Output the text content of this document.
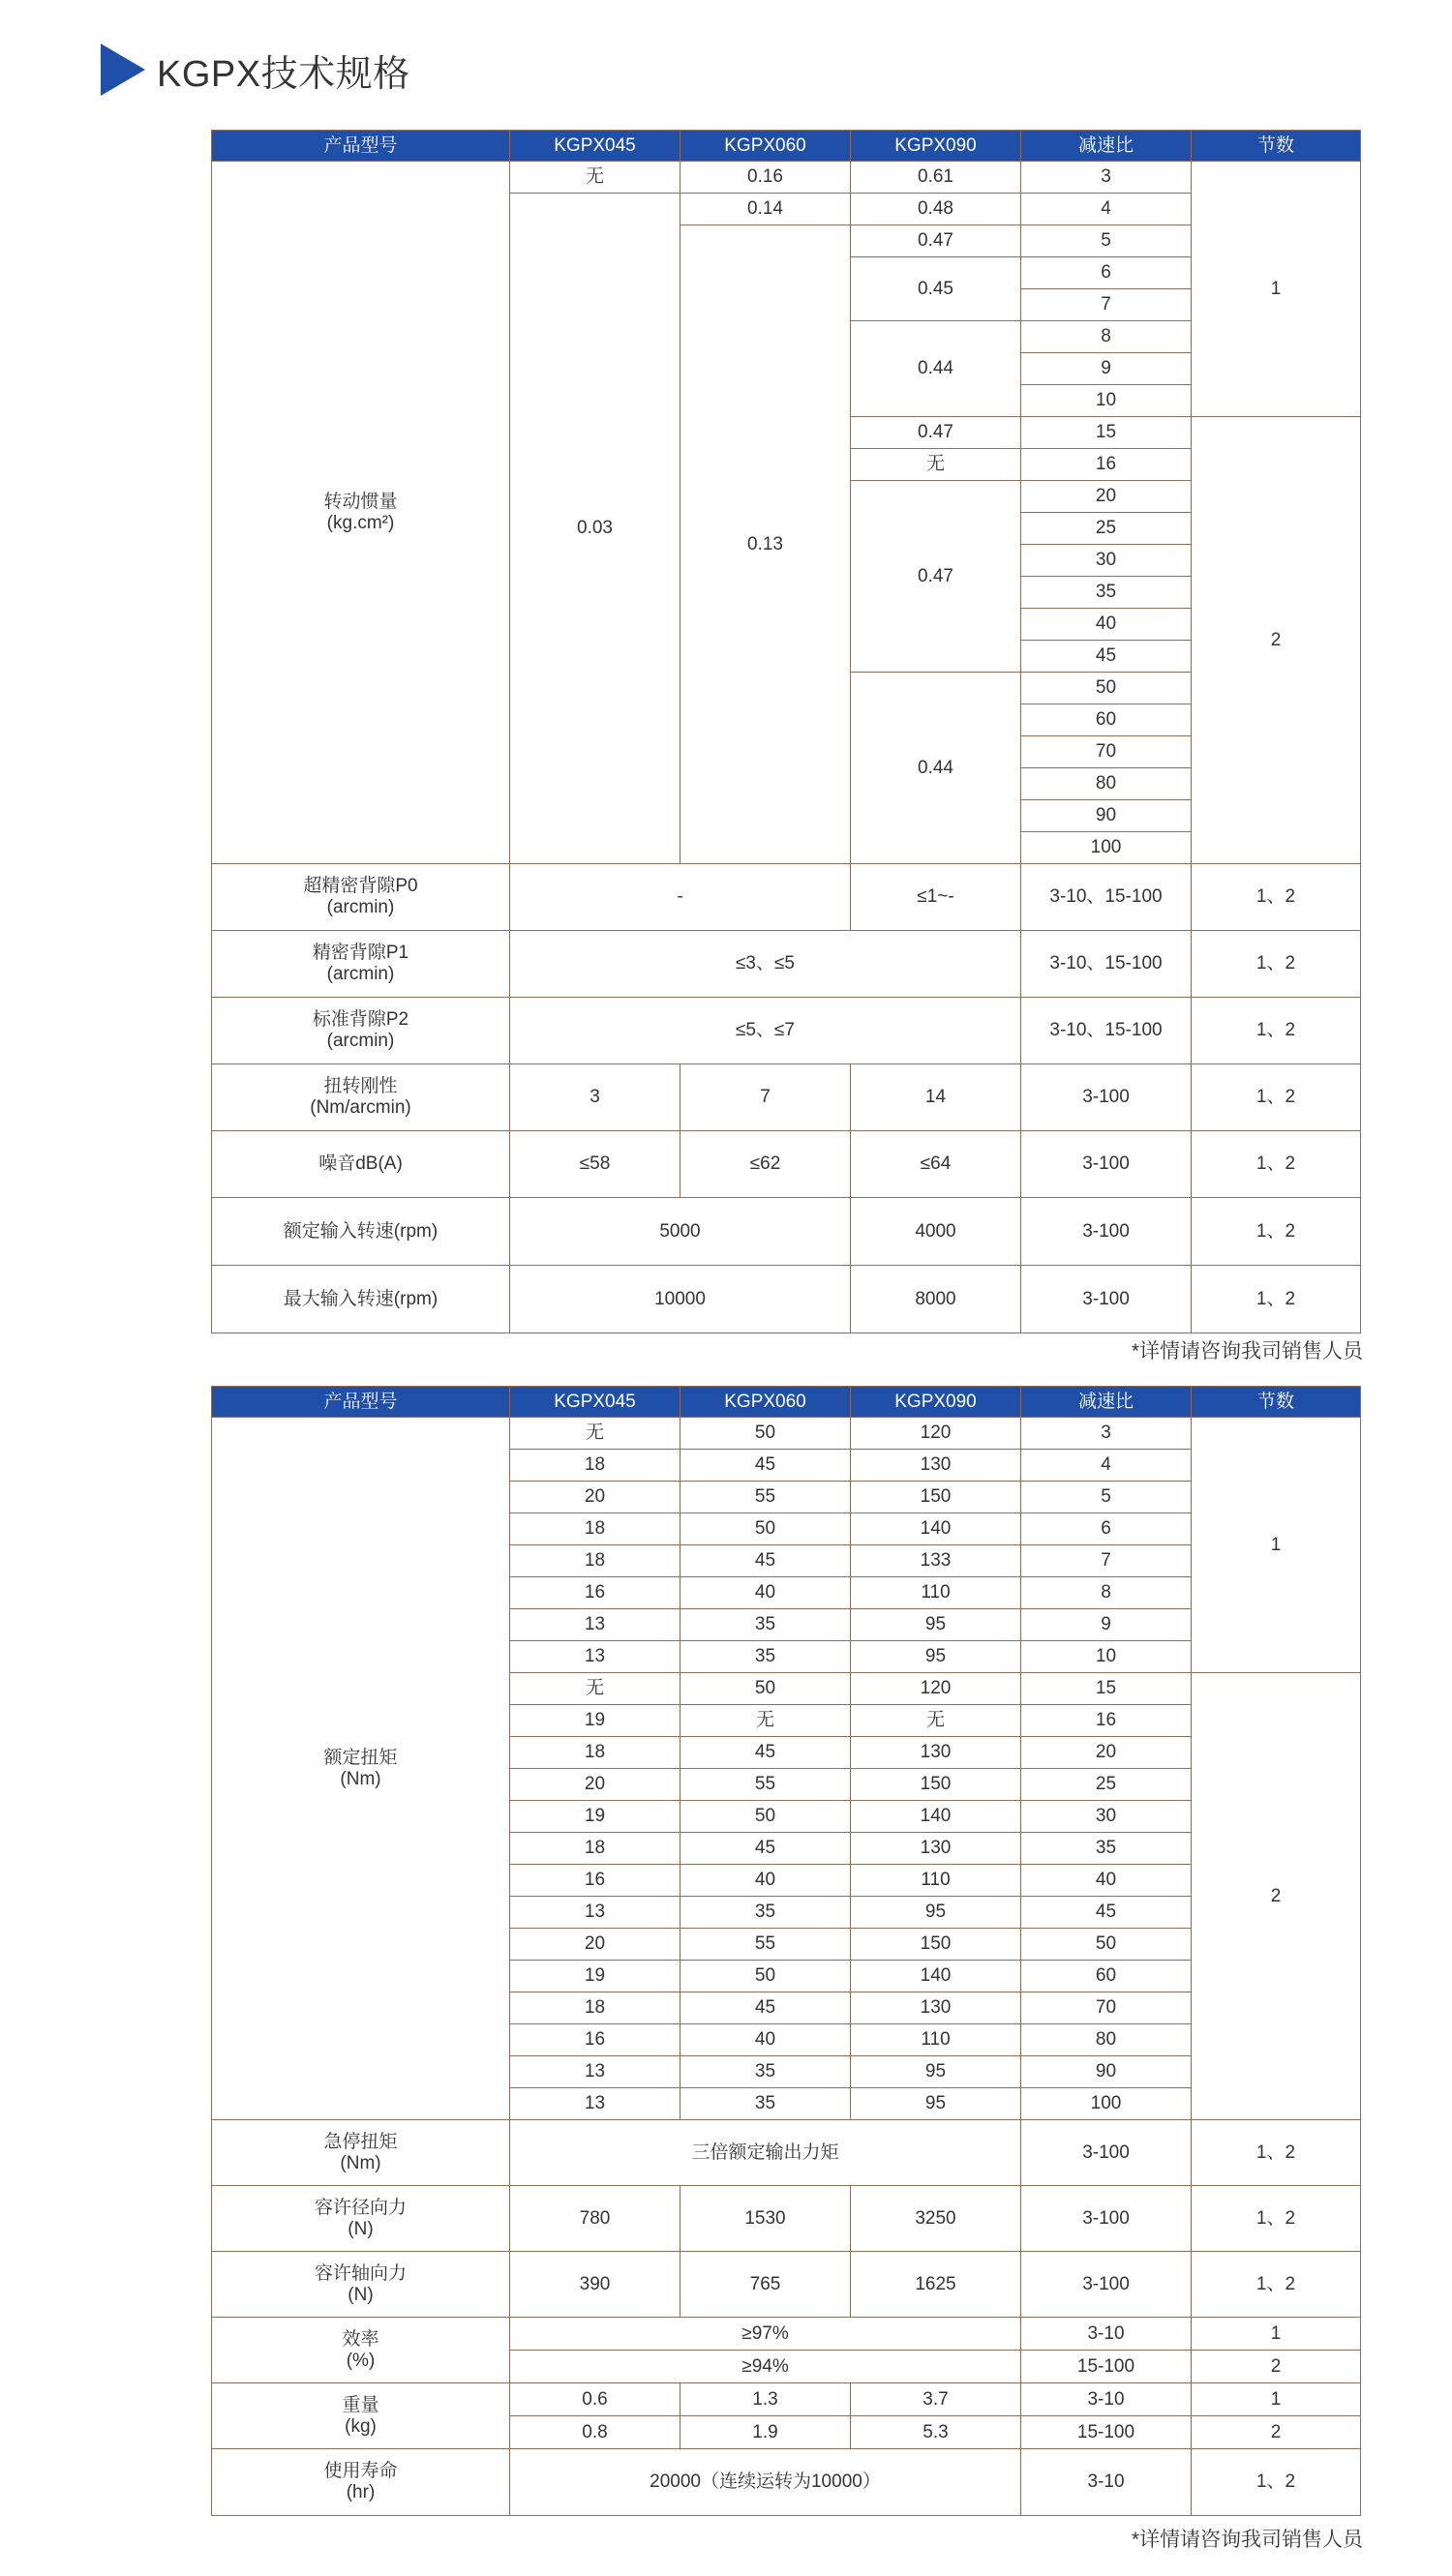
KGPX技术规格
产品型号	KGPX045	KGPX060	KGPX090	减速比	节数
转动惯量
(kg.cm²)	无	0.16	0.61	3	1
	0.03	0.14	0.48	4	
		0.13	0.47	5	
			0.45	6	
				7	
			0.44	8	
				9	
				10	
			0.47	15	2
			无	16	
			0.47	20	
				25	
				30	
				35	
				40	
				45	
			0.44	50	
				60	
				70	
				80	
				90	
				100	
超精密背隙P0
(arcmin)	-		≤1~-	3-10、15-100	1、2
精密背隙P1
(arcmin)	≤3、≤5			3-10、15-100	1、2
标准背隙P2
(arcmin)	≤5、≤7			3-10、15-100	1、2
扭转刚性
(Nm/arcmin)	3	7	14	3-100	1、2
噪音dB(A)	≤58	≤62	≤64	3-100	1、2
额定输入转速(rpm)	5000		4000	3-100	1、2
最大输入转速(rpm)	10000		8000	3-100	1、2
*详情请咨询我司销售人员
产品型号	KGPX045	KGPX060	KGPX090	减速比	节数
额定扭矩
(Nm)	无	50	120	3	1
	18	45	130	4	
	20	55	150	5	
	18	50	140	6	
	18	45	133	7	
	16	40	110	8	
	13	35	95	9	
	13	35	95	10	
	无	50	120	15	2
	19	无	无	16	
	18	45	130	20	
	20	55	150	25	
	19	50	140	30	
	18	45	130	35	
	16	40	110	40	
	13	35	95	45	
	20	55	150	50	
	19	50	140	60	
	18	45	130	70	
	16	40	110	80	
	13	35	95	90	
	13	35	95	100	
急停扭矩
(Nm)	三倍额定输出力矩			3-100	1、2
容许径向力
(N)	780	1530	3250	3-100	1、2
容许轴向力
(N)	390	765	1625	3-100	1、2
效率
(%)	≥97%			3-10	1
	≥94%			15-100	2
重量
(kg)	0.6	1.3	3.7	3-10	1
	0.8	1.9	5.3	15-100	2
使用寿命
(hr)	20000（连续运转为10000）			3-10	1、2
*详情请咨询我司销售人员
